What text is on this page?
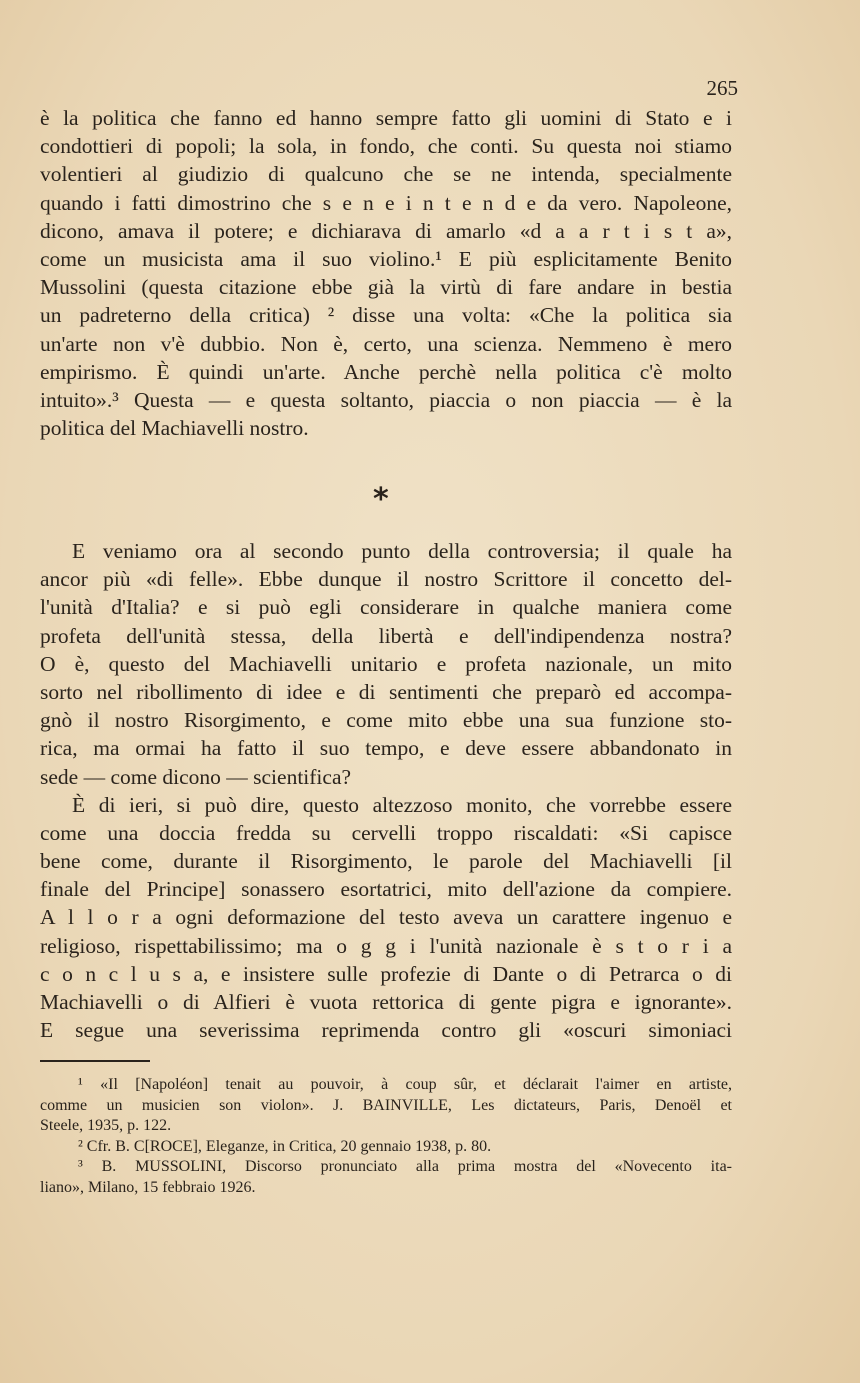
265
è la politica che fanno ed hanno sempre fatto gli uomini di Stato e i
condottieri di popoli; la sola, in fondo, che conti. Su questa noi stiamo
volentieri al giudizio di qualcuno che se ne intenda, specialmente
quando i fatti dimostrino che s e n e i n t e n d e da vero. Napoleone,
dicono, amava il potere; e dichiarava di amarlo «d a a r t i s t a»,
come un musicista ama il suo violino.¹ E più esplicitamente Benito
Mussolini (questa citazione ebbe già la virtù di fare andare in bestia
un padreterno della critica) ² disse una volta: «Che la politica sia
un'arte non v'è dubbio. Non è, certo, una scienza. Nemmeno è mero
empirismo. È quindi un'arte. Anche perchè nella politica c'è molto
intuito».³ Questa — e questa soltanto, piaccia o non piaccia — è la
politica del Machiavelli nostro.
*
E veniamo ora al secondo punto della controversia; il quale ha
ancor più «di felle». Ebbe dunque il nostro Scrittore il concetto del-
l'unità d'Italia? e si può egli considerare in qualche maniera come
profeta dell'unità stessa, della libertà e dell'indipendenza nostra?
O è, questo del Machiavelli unitario e profeta nazionale, un mito
sorto nel ribollimento di idee e di sentimenti che preparò ed accompa-
gnò il nostro Risorgimento, e come mito ebbe una sua funzione sto-
rica, ma ormai ha fatto il suo tempo, e deve essere abbandonato in
sede — come dicono — scientifica?
È di ieri, si può dire, questo altezzoso monito, che vorrebbe essere
come una doccia fredda su cervelli troppo riscaldati: «Si capisce
bene come, durante il Risorgimento, le parole del Machiavelli [il
finale del Principe] sonassero esortatrici, mito dell'azione da compiere.
A l l o r a ogni deformazione del testo aveva un carattere ingenuo e
religioso, rispettabilissimo; ma o g g i l'unità nazionale è s t o r i a
c o n c l u s a, e insistere sulle profezie di Dante o di Petrarca o di
Machiavelli o di Alfieri è vuota rettorica di gente pigra e ignorante».
E segue una severissima reprimenda contro gli «oscuri simoniaci
¹ «Il [Napoléon] tenait au pouvoir, à coup sûr, et déclarait l'aimer en artiste,
comme un musicien son violon». J. BAINVILLE, Les dictateurs, Paris, Denoël et
Steele, 1935, p. 122.
² Cfr. B. C[ROCE], Eleganze, in Critica, 20 gennaio 1938, p. 80.
³ B. MUSSOLINI, Discorso pronunciato alla prima mostra del «Novecento ita-
liano», Milano, 15 febbraio 1926.
